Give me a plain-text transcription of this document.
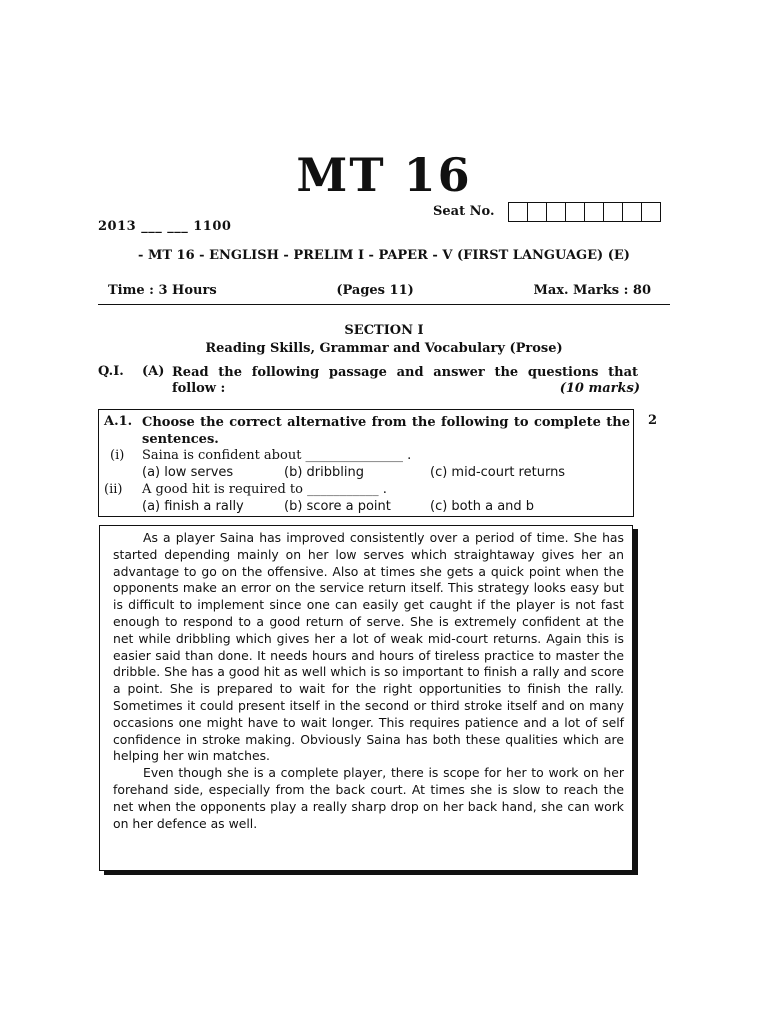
MT 16
Seat No.
2013 ___ ___ 1100
- MT 16 - ENGLISH - PRELIM I - PAPER - V (FIRST LANGUAGE) (E)
Time : 3 Hours	(Pages 11)	Max. Marks : 80
SECTION I
Reading Skills, Grammar and Vocabulary (Prose)
Q.I. (A) Read the following passage and answer the questions that
follow :	(10 marks)
2
A.1. Choose the correct alternative from the following to complete the sentences.
(i) Saina is confident about _______________ .
(a) low serves	(b) dribbling	(c) mid-court returns
(ii) A good hit is required to ___________ .
(a) finish a rally	(b) score a point	(c) both a and b

As a player Saina has improved consistently over a period of time. She has started depending mainly on her low serves which straightaway gives her an advantage to go on the offensive. Also at times she gets a quick point when the opponents make an error on the service return itself. This strategy looks easy but is difficult to implement since one can easily get caught if the player is not fast enough to respond to a good return of serve. She is extremely confident at the net while dribbling which gives her a lot of weak mid-court returns. Again this is easier said than done. It needs hours and hours of tireless practice to master the dribble. She has a good hit as well which is so important to finish a rally and score a point. She is prepared to wait for the right opportunities to finish the rally. Sometimes it could present itself in the second or third stroke itself and on many occasions one might have to wait longer. This requires patience and a lot of self confidence in stroke making. Obviously Saina has both these qualities which are helping her win matches.

Even though she is a complete player, there is scope for her to work on her forehand side, especially from the back court. At times she is slow to reach the net when the opponents play a really sharp drop on her back hand, she can work on her defence as well.
